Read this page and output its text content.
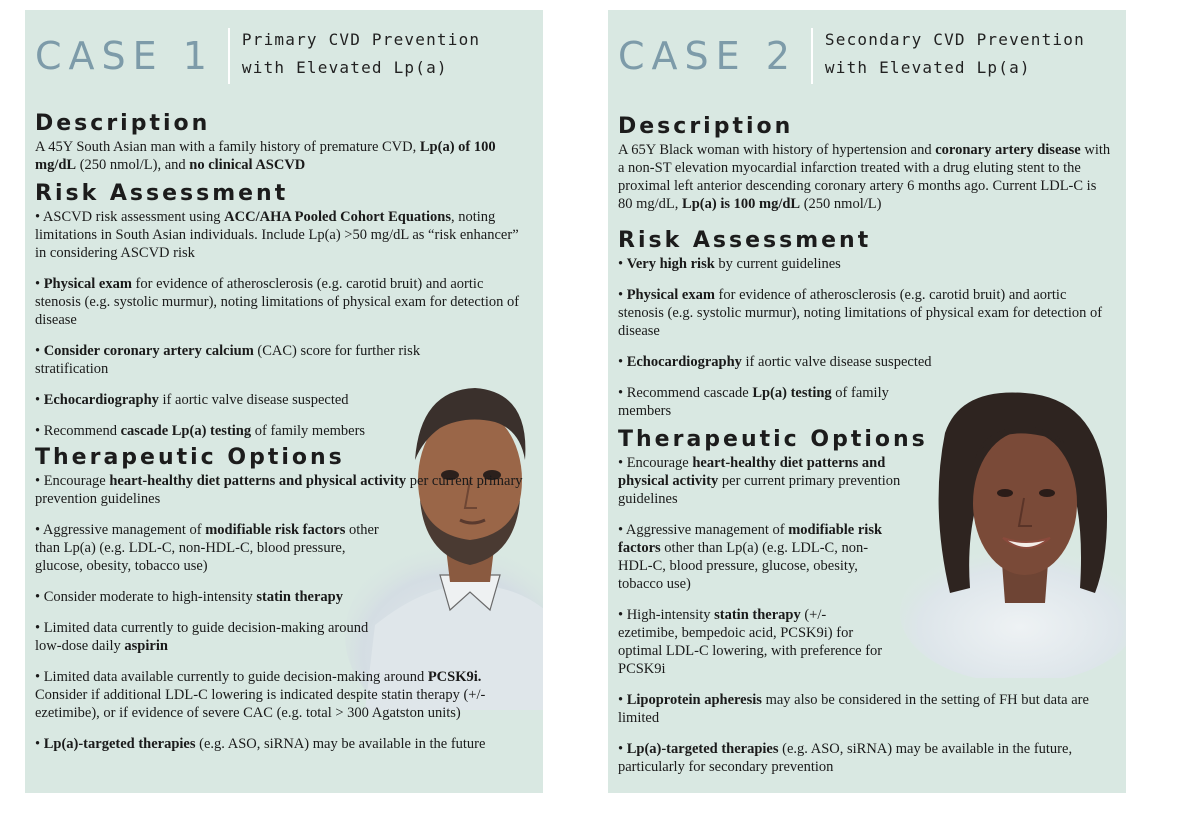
CASE 1	Primary CVD Prevention
with Elevated Lp(a)
Description

A 45Y South Asian man with a family history of premature CVD, Lp(a) of 100 mg/dL (250 nmol/L), and no clinical ASCVD

Risk Assessment
• ASCVD risk assessment using ACC/AHA Pooled Cohort Equations, noting limitations in South Asian individuals. Include Lp(a) >50 mg/dL as “risk enhancer” in considering ASCVD risk
• Physical exam for evidence of atherosclerosis (e.g. carotid bruit) and aortic stenosis (e.g. systolic murmur), noting limitations of physical exam for detection of disease
• Consider coronary artery calcium (CAC) score for further risk stratification
• Echocardiography if aortic valve disease suspected
• Recommend cascade Lp(a) testing of family members
Therapeutic Options
• Encourage heart-healthy diet patterns and physical activity per current primary prevention guidelines
• Aggressive management of modifiable risk factors other than Lp(a) (e.g. LDL-C, non-HDL-C, blood pressure, glucose, obesity, tobacco use)
• Consider moderate to high-intensity statin therapy
• Limited data currently to guide decision-making around low-dose daily aspirin
• Limited data available currently to guide decision-making around PCSK9i. Consider if additional LDL-C lowering is indicated despite statin therapy (+/- ezetimibe), or if evidence of severe CAC (e.g. total > 300 Agatston units)
• Lp(a)-targeted therapies (e.g. ASO, siRNA) may be available in the future
CASE 2	Secondary CVD Prevention
with Elevated Lp(a)
Description

A 65Y Black woman with history of hypertension and coronary artery disease with a non-ST elevation myocardial infarction treated with a drug eluting stent to the proximal left anterior descending coronary artery 6 months ago. Current LDL-C is 80 mg/dL, Lp(a) is 100 mg/dL (250 nmol/L)

Risk Assessment
• Very high risk by current guidelines
• Physical exam for evidence of atherosclerosis (e.g. carotid bruit) and aortic stenosis (e.g. systolic murmur), noting limitations of physical exam for detection of disease
• Echocardiography if aortic valve disease suspected
• Recommend cascade Lp(a) testing of family members
Therapeutic Options
• Encourage heart-healthy diet patterns and physical activity per current primary prevention guidelines
• Aggressive management of modifiable risk factors other than Lp(a) (e.g. LDL-C, non-HDL-C, blood pressure, glucose, obesity, tobacco use)
• High-intensity statin therapy (+/- ezetimibe, bempedoic acid, PCSK9i) for optimal LDL-C lowering, with preference for PCSK9i
• Lipoprotein apheresis may also be considered in the setting of FH but data are limited
• Lp(a)-targeted therapies (e.g. ASO, siRNA) may be available in the future, particularly for secondary prevention
